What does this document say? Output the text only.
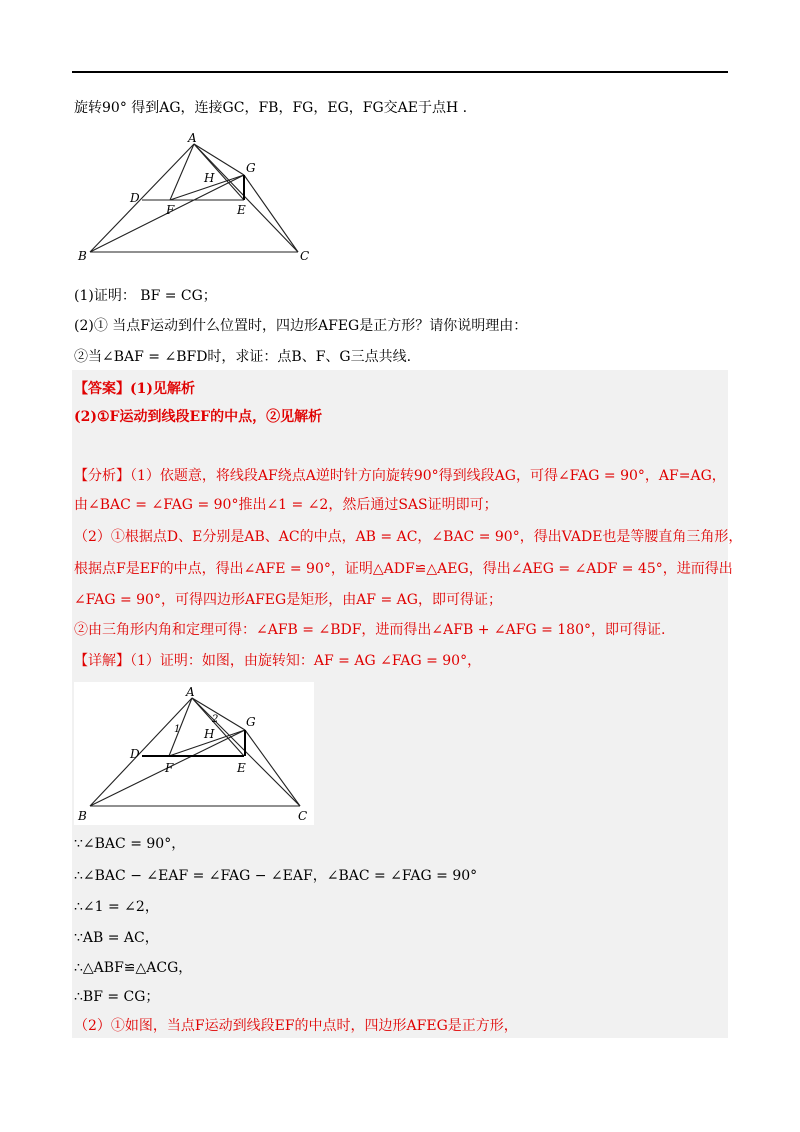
旋转90° 得到AG，连接GC，FB，FG，EG，FG交AE于点H .
A
B	C
D
E
F
G
H
(1)证明： BF = CG；
(2)① 当点F运动到什么位置时，四边形AFEG是正方形？请你说明理由：
②当∠BAF = ∠BFD时，求证：点B、F、G三点共线.
【答案】(1)见解析
(2)①F运动到线段EF的中点，②见解析
【分析】（1）依题意，将线段AF绕点A逆时针方向旋转90°得到线段AG，可得∠FAG = 90°，AF=AG，
由∠BAC = ∠FAG = 90°推出∠1 = ∠2，然后通过SAS证明即可；
（2）①根据点D、E分别是AB、AC的中点，AB = AC，∠BAC = 90°，得出VADE也是等腰直角三角形，
根据点F是EF的中点，得出∠AFE = 90°，证明△ADF≌△AEG，得出∠AEG = ∠ADF = 45°，进而得出
∠FAG = 90°，可得四边形AFEG是矩形，由AF = AG，即可得证；
②由三角形内角和定理可得：∠AFB = ∠BDF，进而得出∠AFB + ∠AFG = 180°，即可得证.
【详解】（1）证明：如图，由旋转知：AF = AG ∠FAG = 90°，
A
B	C
D
E
F
G
H
1
2
∵∠BAC = 90°，
∴∠BAC − ∠EAF = ∠FAG − ∠EAF，∠BAC = ∠FAG = 90°
∴∠1 = ∠2，
∵AB = AC，
∴△ABF≌△ACG，
∴BF = CG；
（2）①如图，当点F运动到线段EF的中点时，四边形AFEG是正方形，
